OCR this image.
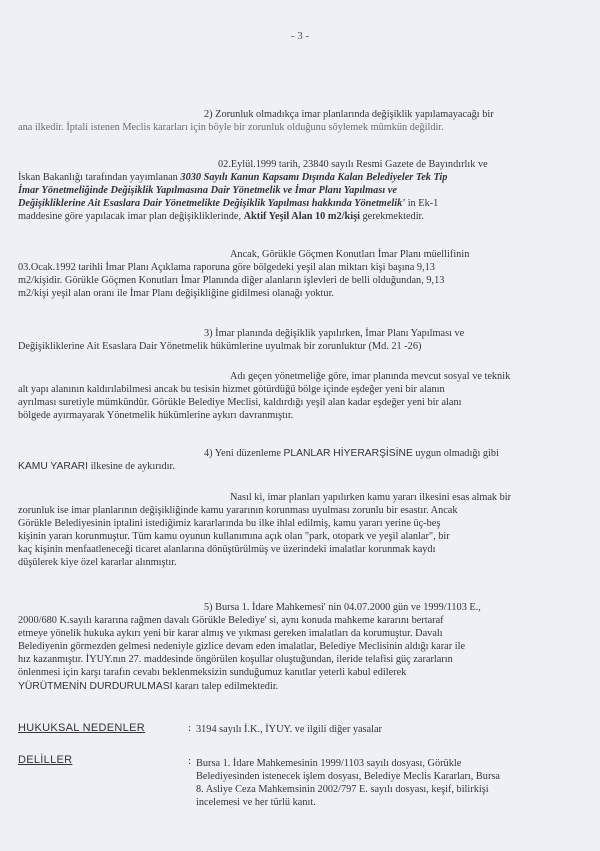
- 3 -
2) Zorunluk olmadıkça imar planlarında değişiklik yapılamayacağı bir
ana ilkedir. İptali istenen Meclis kararları için böyle bir zorunluk olduğunu söylemek mümkün değildir.
02.Eylül.1999 tarih, 23840 sayılı Resmi Gazete de Bayındırlık ve
İskan Bakanlığı tarafından yayımlanan 3030 Sayılı Kanun Kapsamı Dışında Kalan Belediyeler Tek Tip
İmar Yönetmeliğinde Değişiklik Yapılmasına Dair Yönetmelik ve İmar Planı Yapılması ve
Değişikliklerine Ait Esaslara Dair Yönetmelikte Değişiklik Yapılması hakkında Yönetmelik' in Ek-1
maddesine göre yapılacak imar plan değişikliklerinde, Aktif Yeşil Alan 10 m2/kişi gerekmektedir.
Ancak, Görükle Göçmen Konutları İmar Planı müellifinin
03.Ocak.1992 tarihli İmar Planı Açıklama raporuna göre bölgedeki yeşil alan miktarı kişi başına 9,13
m2/kişidir. Görükle Göçmen Konutları İmar Planında diğer alanların işlevleri de belli olduğundan, 9,13
m2/kişi yeşil alan oranı ile İmar Planı değişikliğine gidilmesi olanağı yoktur.
3) İmar planında değişiklik yapılırken, İmar Planı Yapılması ve
Değişikliklerine Ait Esaslara Dair Yönetmelik hükümlerine uyulmak bir zorunluktur (Md. 21 -26)
Adı geçen yönetmeliğe göre, imar planında mevcut sosyal ve teknik
alt yapı alanının kaldırılabilmesi ancak bu tesisin hizmet götürdüğü bölge içinde eşdeğer yeni bir alanın
ayrılması suretiyle mümkündür. Görükle Belediye Meclisi, kaldırdığı yeşil alan kadar eşdeğer yeni bir alanı
bölgede ayırmayarak Yönetmelik hükümlerine aykırı davranmıştır.
4) Yeni düzenleme PLANLAR HİYERARŞİSİNE uygun olmadığı gibi
KAMU YARARI ilkesine de aykırıdır.
Nasıl ki, imar planları yapılırken kamu yararı ilkesini esas almak bir
zorunluk ise imar planlarının değişikliğinde kamu yararının korunması uyulması zorunlu bir esastır. Ancak
Görükle Belediyesinin iptalini istediğimiz kararlarında bu ilke ihlal edilmiş, kamu yararı yerine üç-beş
kişinin yararı korunmuştur. Tüm kamu oyunun kullanımına açık olan "park, otopark ve yeşil alanlar", bir
kaç kişinin menfaatleneceği ticaret alanlarına dönüştürülmüş ve üzerindeki imalatlar korunmak kaydı
düşülerek kiye özel kararlar alınmıştır.
5) Bursa 1. İdare Mahkemesi' nin 04.07.2000 gün ve 1999/1103 E.,
2000/680 K.sayılı kararına rağmen davalı Görükle Belediye' si, aynı konuda mahkeme kararını bertaraf
etmeye yönelik hukuka aykırı yeni bir karar almış ve yıkması gereken imalatları da korumuştur. Davalı
Belediyenin görmezden gelmesi nedeniyle gizlice devam eden imalatlar, Belediye Meclisinin aldığı karar ile
hız kazanmıştır. İYUY.nın 27. maddesinde öngörülen koşullar oluştuğundan, ileride telafisi güç zararların
önlenmesi için karşı tarafın cevabı beklenmeksizin sunduğumuz kanıtlar yeterli kabul edilerek
YÜRÜTMENİN DURDURULMASI kararı talep edilmektedir.
HUKUKSAL NEDENLER	: 3194 sayılı İ.K., İYUY. ve ilgili diğer yasalar
DELİLLER	: Bursa 1. İdare Mahkemesinin 1999/1103 sayılı dosyası, Görükle
Belediyesinden istenecek işlem dosyası, Belediye Meclis Kararları, Bursa
8. Asliye Ceza Mahkemsinin 2002/797 E. sayılı dosyası, keşif, bilirkişi
incelemesi ve her türlü kanıt.
